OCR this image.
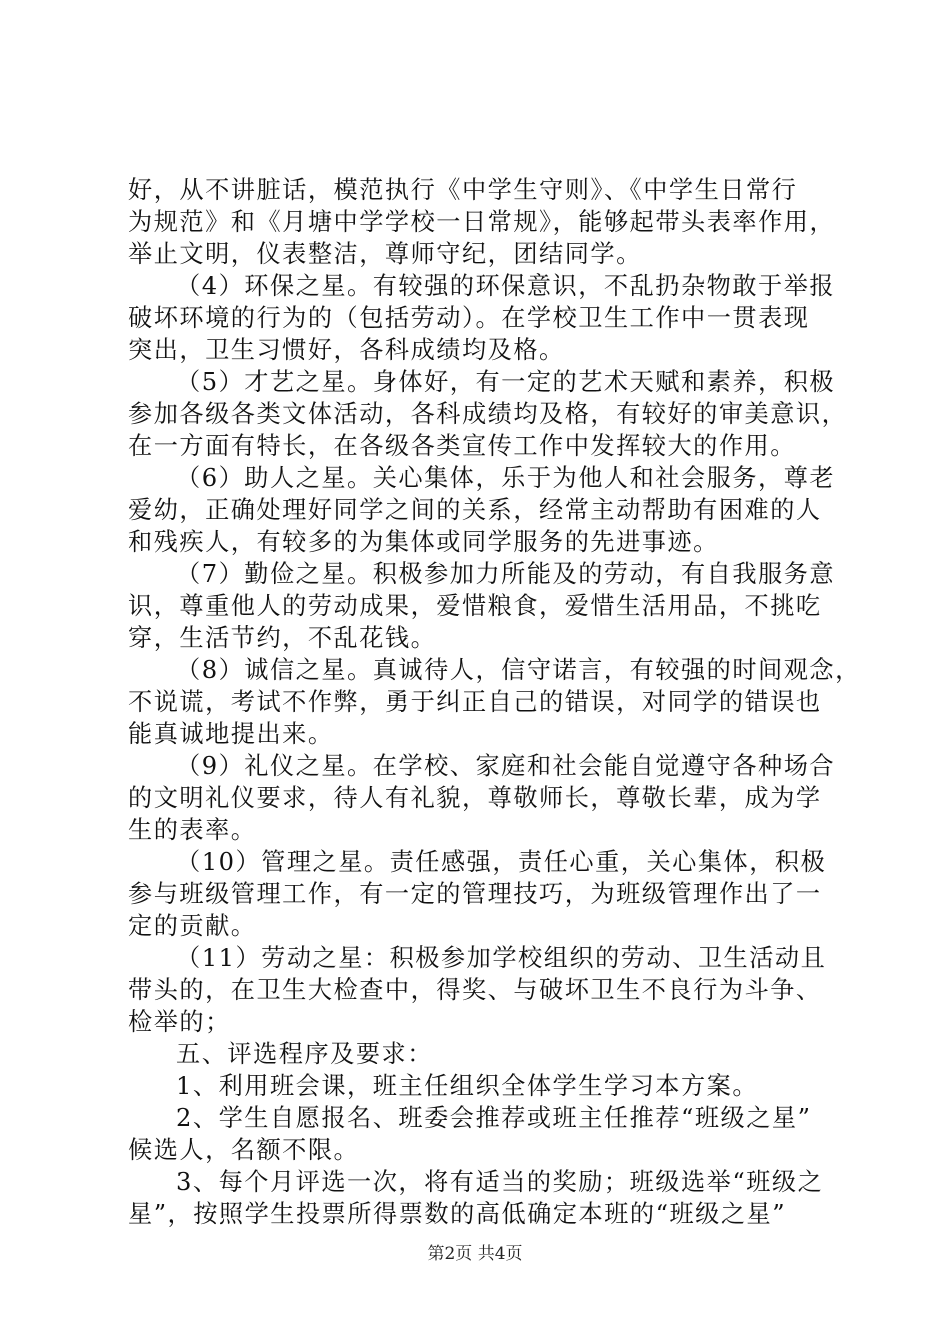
好，从不讲脏话，模范执行《中学生守则》、《中学生日常行
为规范》和《月塘中学学校一日常规》，能够起带头表率作用，
举止文明，仪表整洁，尊师守纪，团结同学。
（4）环保之星。有较强的环保意识，不乱扔杂物敢于举报
破坏环境的行为的（包括劳动）。在学校卫生工作中一贯表现
突出，卫生习惯好，各科成绩均及格。
（5）才艺之星。身体好，有一定的艺术天赋和素养，积极
参加各级各类文体活动，各科成绩均及格，有较好的审美意识，
在一方面有特长，在各级各类宣传工作中发挥较大的作用。
（6）助人之星。关心集体，乐于为他人和社会服务，尊老
爱幼，正确处理好同学之间的关系，经常主动帮助有困难的人
和残疾人，有较多的为集体或同学服务的先进事迹。
（7）勤俭之星。积极参加力所能及的劳动，有自我服务意
识，尊重他人的劳动成果，爱惜粮食，爱惜生活用品，不挑吃
穿，生活节约，不乱花钱。
（8）诚信之星。真诚待人，信守诺言，有较强的时间观念，
不说谎，考试不作弊，勇于纠正自己的错误，对同学的错误也
能真诚地提出来。
（9）礼仪之星。在学校、家庭和社会能自觉遵守各种场合
的文明礼仪要求，待人有礼貌，尊敬师长，尊敬长辈，成为学
生的表率。
（10）管理之星。责任感强，责任心重，关心集体，积极
参与班级管理工作，有一定的管理技巧，为班级管理作出了一
定的贡献。
（11）劳动之星：积极参加学校组织的劳动、卫生活动且
带头的，在卫生大检查中，得奖、与破坏卫生不良行为斗争、
检举的；
五、评选程序及要求：
1、利用班会课，班主任组织全体学生学习本方案。
2、学生自愿报名、班委会推荐或班主任推荐“班级之星”
候选人，名额不限。
3、每个月评选一次，将有适当的奖励；班级选举“班级之
星”，按照学生投票所得票数的高低确定本班的“班级之星”
第2页 共4页
